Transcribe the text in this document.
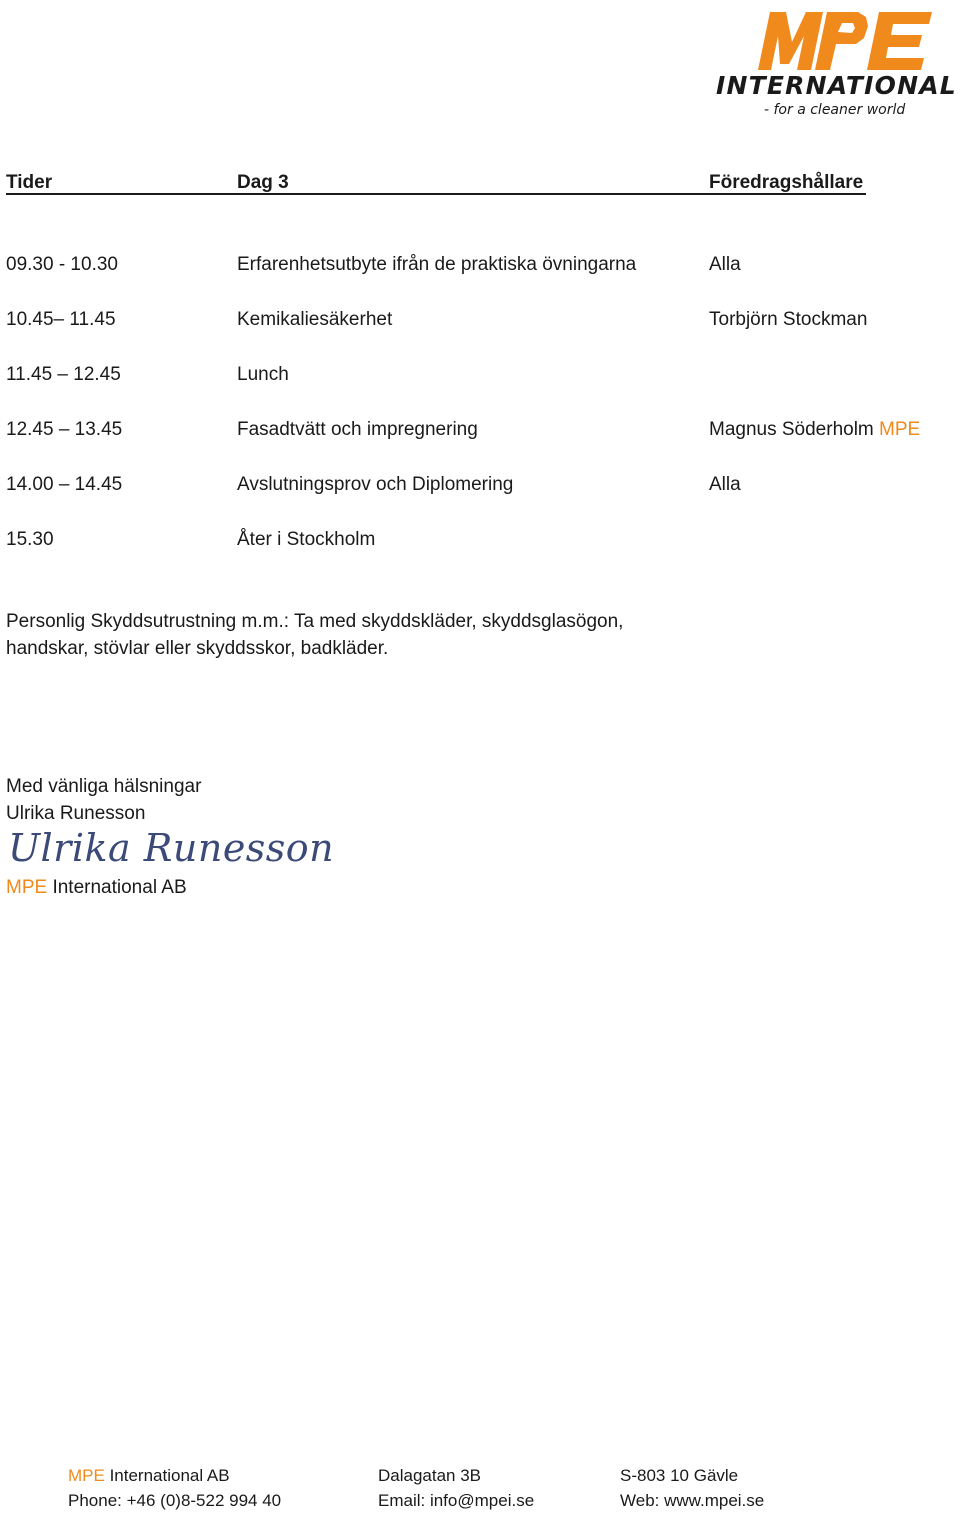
INTERNATIONAL
- for a cleaner world
Tider	Dag 3	Föredragshållare
09.30 - 10.30	Erfarenhetsutbyte ifrån de praktiska övningarna	Alla
10.45– 11.45	Kemikaliesäkerhet	Torbjörn Stockman
11.45 – 12.45	Lunch
12.45 – 13.45	Fasadtvätt och impregnering	Magnus Söderholm MPE
14.00 – 14.45	Avslutningsprov och Diplomering	Alla
15.30	Åter i Stockholm
Personlig Skyddsutrustning m.m.: Ta med skyddskläder, skyddsglasögon,
handskar, stövlar eller skyddsskor, badkläder.
Med vänliga hälsningar
Ulrika Runesson
Ulrika Runesson
MPE International AB
MPE International AB	Dalagatan 3B	S-803 10 Gävle
Phone: +46 (0)8-522 994 40	Email: info@mpei.se	Web: www.mpei.se
